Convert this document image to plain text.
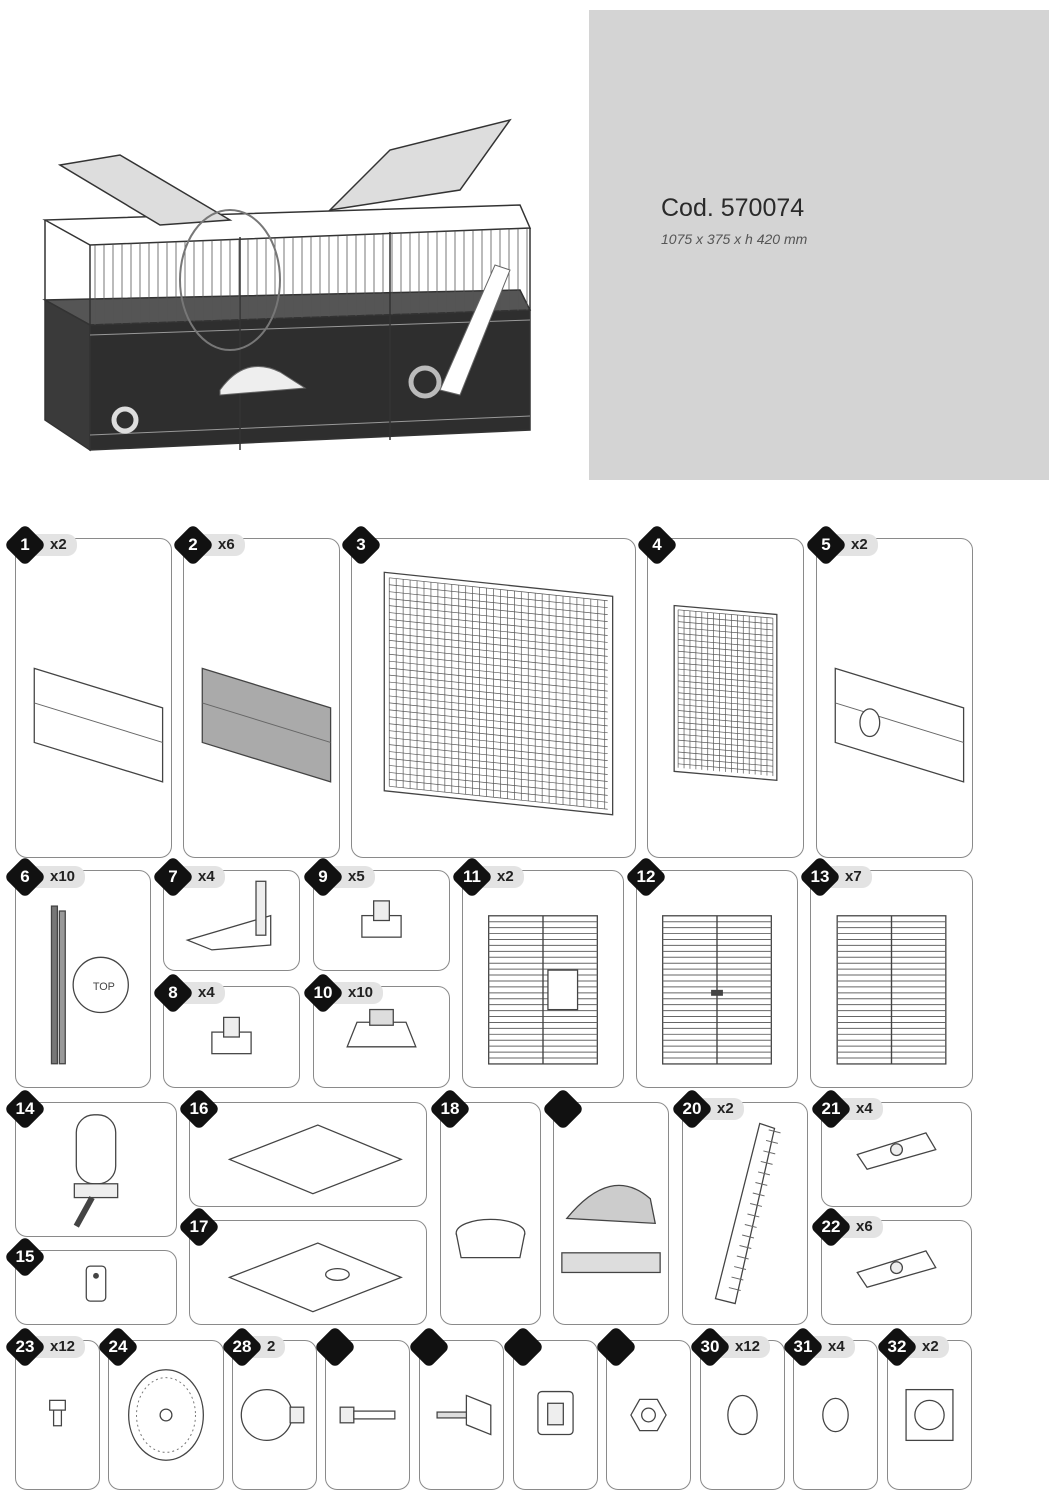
Cod. 570074
1075 x 375 x h 420 mm
1	x2	2	x6	3	4	5	x2
TOP
6	x10	7	x4	9	x5
8	x4	10	x10
11	x2	12	13	x7
14	16
17
15
18	20	x2	21	x4
22	x6
23	x12	24	28	2	30	x12	31	x4	32	x2
